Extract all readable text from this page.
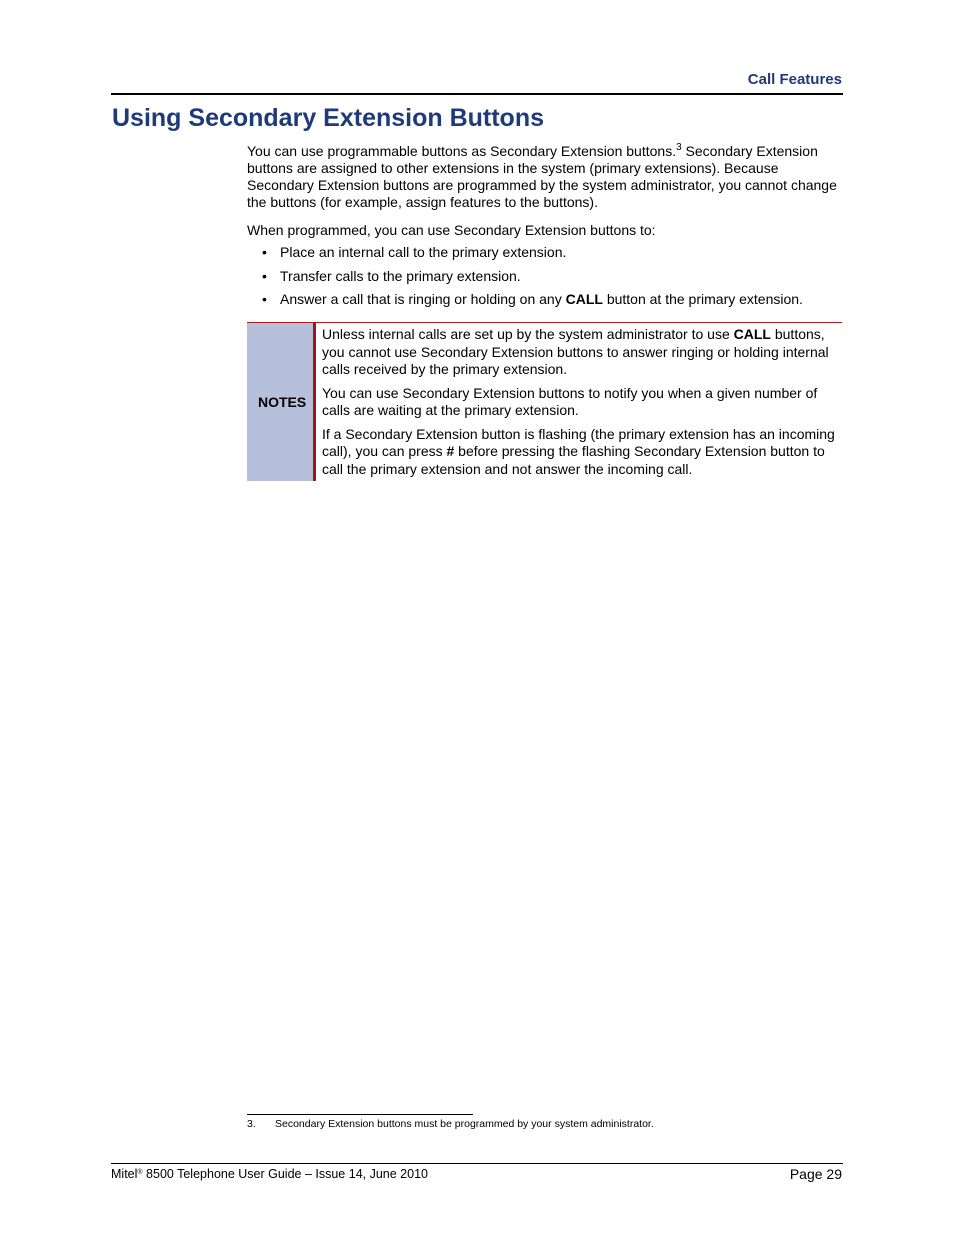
Call Features
Using Secondary Extension Buttons

You can use programmable buttons as Secondary Extension buttons.$^3$ Secondary Extension buttons are assigned to other extensions in the system (primary extensions). Because Secondary Extension buttons are programmed by the system administrator, you cannot change the buttons (for example, assign features to the buttons).

When programmed, you can use Secondary Extension buttons to:

• Place an internal call to the primary extension.
• Transfer calls to the primary extension.
• Answer a call that is ringing or holding on any CALL button at the primary extension.
NOTES

Unless internal calls are set up by the system administrator to use CALL buttons, you cannot use Secondary Extension buttons to answer ringing or holding internal calls received by the primary extension.

You can use Secondary Extension buttons to notify you when a given number of calls are waiting at the primary extension.

If a Secondary Extension button is flashing (the primary extension has an incoming call), you can press # before pressing the flashing Secondary Extension button to call the primary extension and not answer the incoming call.

3. Secondary Extension buttons must be programmed by your system administrator.
Mitel® 8500 Telephone User Guide – Issue 14, June 2010	Page 29
